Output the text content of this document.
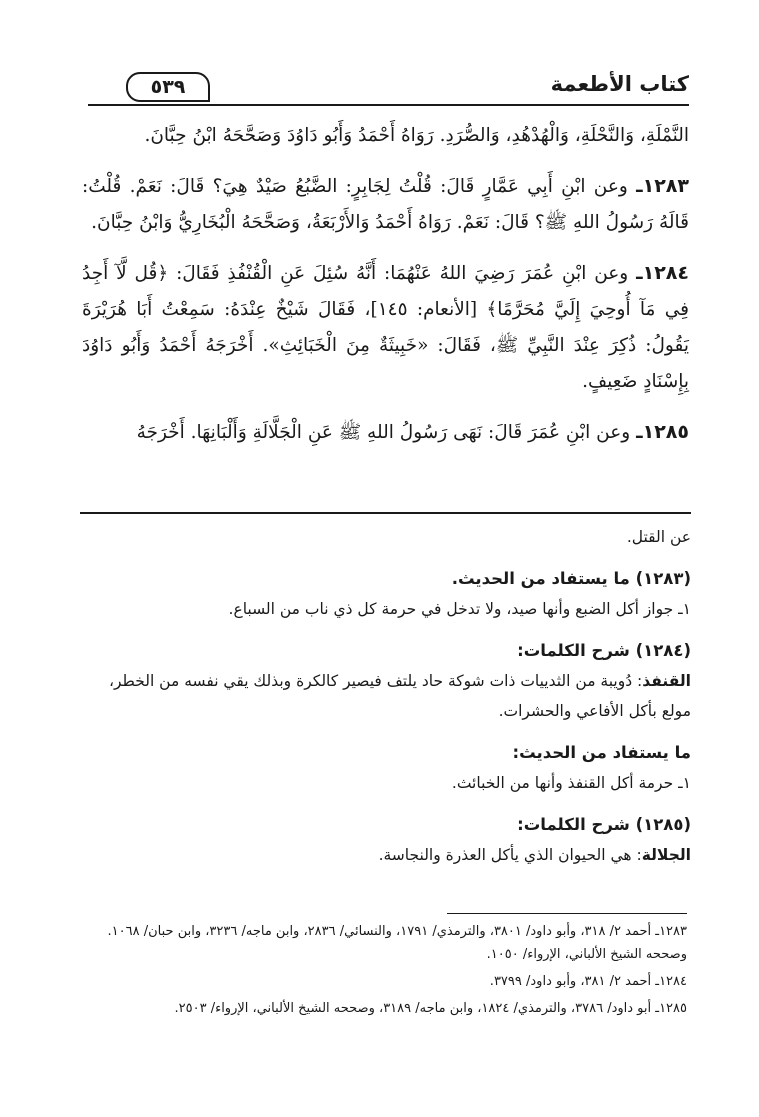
كتاب الأطعمة
٥٣٩

النَّمْلَةِ، وَالنَّحْلَةِ، وَالْهُدْهُدِ، وَالصُّرَدِ. رَوَاهُ أَحْمَدُ وَأَبُو دَاوُدَ وَصَحَّحَهُ ابْنُ حِبَّانَ.

١٢٨٣ـ وعن ابْنِ أَبِي عَمَّارٍ قَالَ: قُلْتُ لِجَابِرٍ: الضَّبُعُ صَيْدٌ هِيَ؟ قَالَ: نَعَمْ. قُلْتُ: قَالَهُ رَسُولُ اللهِ ﷺ؟ قَالَ: نَعَمْ. رَوَاهُ أَحْمَدُ وَالأَرْبَعَةُ، وَصَحَّحَهُ الْبُخَارِيُّ وَابْنُ حِبَّانَ.

١٢٨٤ـ وعن ابْنِ عُمَرَ رَضِيَ اللهُ عَنْهُمَا: أَنَّهُ سُئِلَ عَنِ الْقُنْفُذِ فَقَالَ: ﴿قُل لَّآ أَجِدُ فِي مَآ أُوحِيَ إِلَيَّ مُحَرَّمًا﴾ [الأنعام: ١٤٥]، فَقَالَ شَيْخٌ عِنْدَهُ: سَمِعْتُ أَبَا هُرَيْرَةَ يَقُولُ: ذُكِرَ عِنْدَ النَّبِيِّ ﷺ، فَقَالَ: «خَبِيثَةٌ مِنَ الْخَبَائِثِ». أَخْرَجَهُ أَحْمَدُ وَأَبُو دَاوُدَ بِإِسْنَادٍ ضَعِيفٍ.

١٢٨٥ـ وعن ابْنِ عُمَرَ قَالَ: نَهَى رَسُولُ اللهِ ﷺ عَنِ الْجَلَّالَةِ وَأَلْبَانِهَا. أَخْرَجَهُ

عن القتل.

(١٢٨٣) ما يستفاد من الحديث.

١ـ جواز أكل الضبع وأنها صيد، ولا تدخل في حرمة كل ذي ناب من السباع.

(١٢٨٤) شرح الكلمات:

القنفذ: دُويبة من الثدييات ذات شوكة حاد يلتف فيصير كالكرة وبذلك يقي نفسه من الخطر، مولع بأكل الأفاعي والحشرات.

ما يستفاد من الحديث:

١ـ حرمة أكل القنفذ وأنها من الخبائث.

(١٢٨٥) شرح الكلمات:

الجلالة: هي الحيوان الذي يأكل العذرة والنجاسة.

١٢٨٣ـ أحمد ٢/ ٣١٨، وأبو داود/ ٣٨٠١، والترمذي/ ١٧٩١، والنسائي/ ٢٨٣٦، وابن ماجه/ ٣٢٣٦، وابن حبان/ ١٠٦٨. وصححه الشيخ الألباني، الإرواء/ ١٠٥٠.

١٢٨٤ـ أحمد ٢/ ٣٨١، وأبو داود/ ٣٧٩٩.

١٢٨٥ـ أبو داود/ ٣٧٨٦، والترمذي/ ١٨٢٤، وابن ماجه/ ٣١٨٩، وصححه الشيخ الألباني، الإرواء/ ٢٥٠٣.
